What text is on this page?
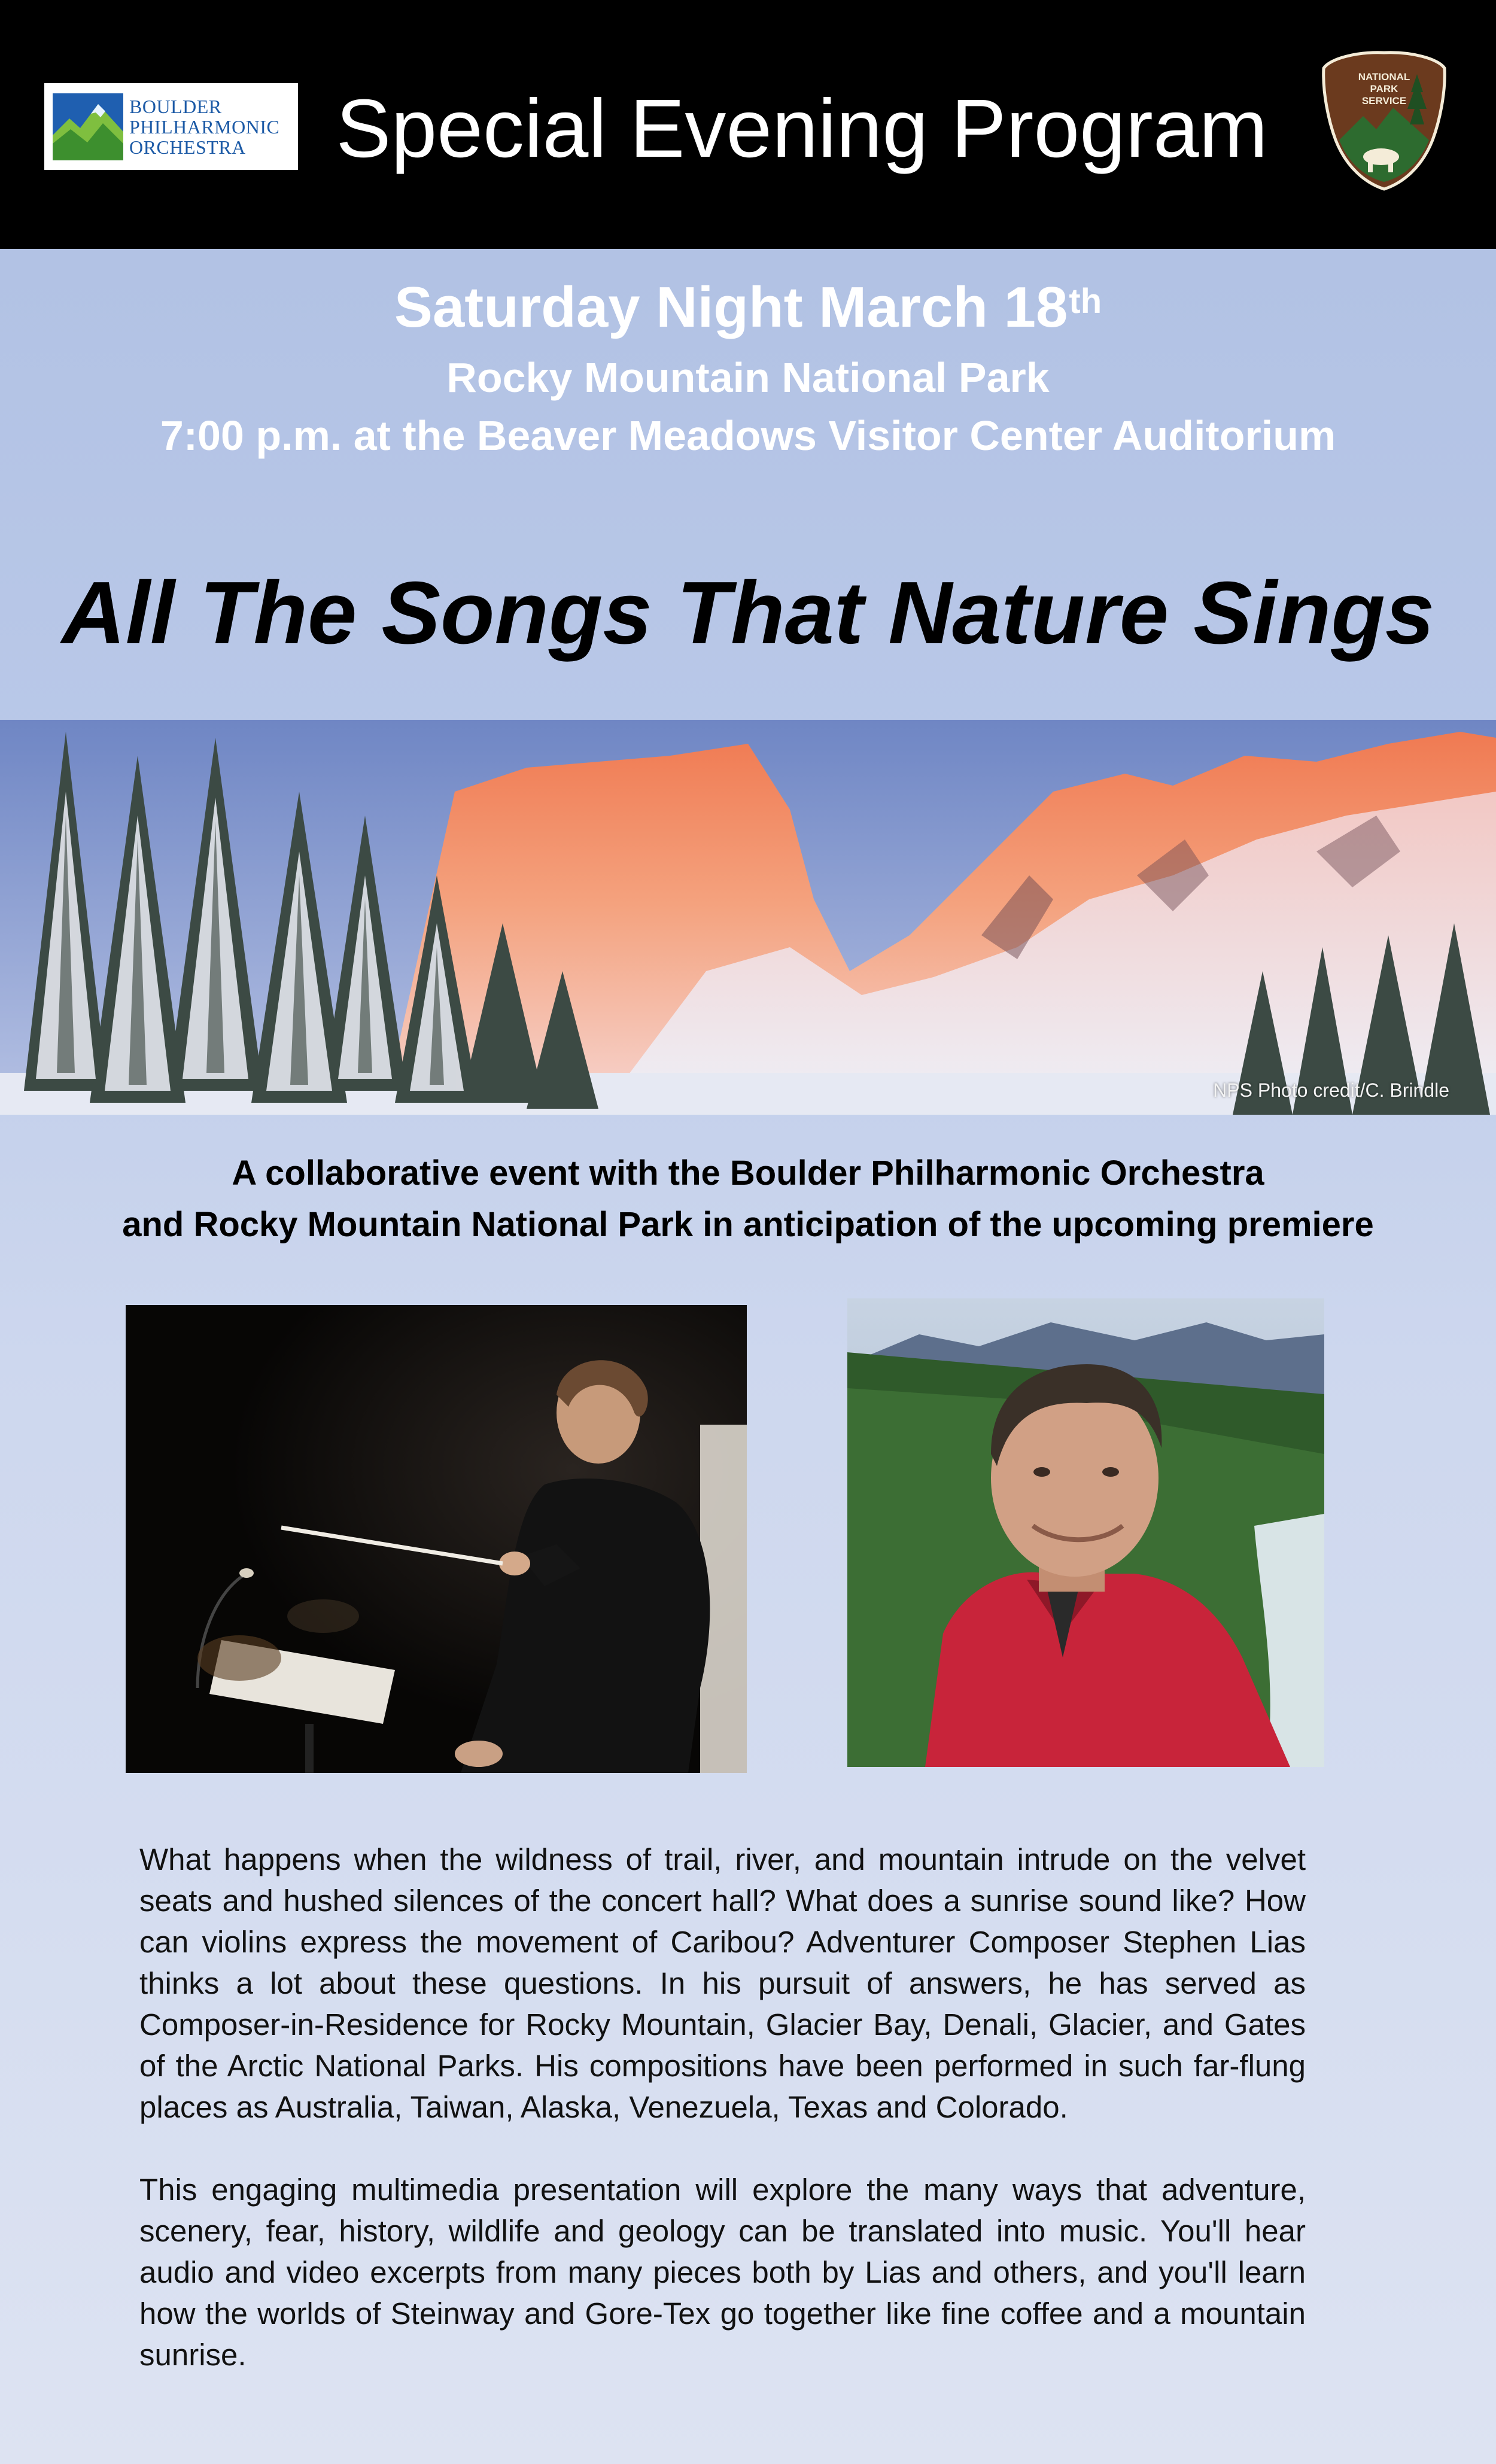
BOULDER
PHILHARMONIC
ORCHESTRA	Special Evening Program
NATIONAL
PARK
SERVICE
Saturday Night March 18th
Rocky Mountain National Park
7:00 p.m. at the Beaver Meadows Visitor Center Auditorium
All The Songs That Nature Sings
NPS Photo credit/C. Brindle
A collaborative event with the Boulder Philharmonic Orchestra
and Rocky Mountain National Park in anticipation of the upcoming premiere

What happens when the wildness of trail, river, and mountain intrude on the velvet seats and hushed silences of the concert hall? What does a sunrise sound like? How can violins express the movement of Caribou? Adventurer Composer Stephen Lias thinks a lot about these questions. In his pursuit of answers, he has served as Composer-in-Residence for Rocky Mountain, Glacier Bay, Denali, Glacier, and Gates of the Arctic National Parks. His compositions have been performed in such far-flung places as Australia, Taiwan, Alaska, Venezuela, Texas and Colorado.

This engaging multimedia presentation will explore the many ways that adventure, scenery, fear, history, wildlife and geology can be translated into music. You'll hear audio and video excerpts from many pieces both by Lias and others, and you'll learn how the worlds of Steinway and Gore-Tex go together like fine coffee and a mountain sunrise.
